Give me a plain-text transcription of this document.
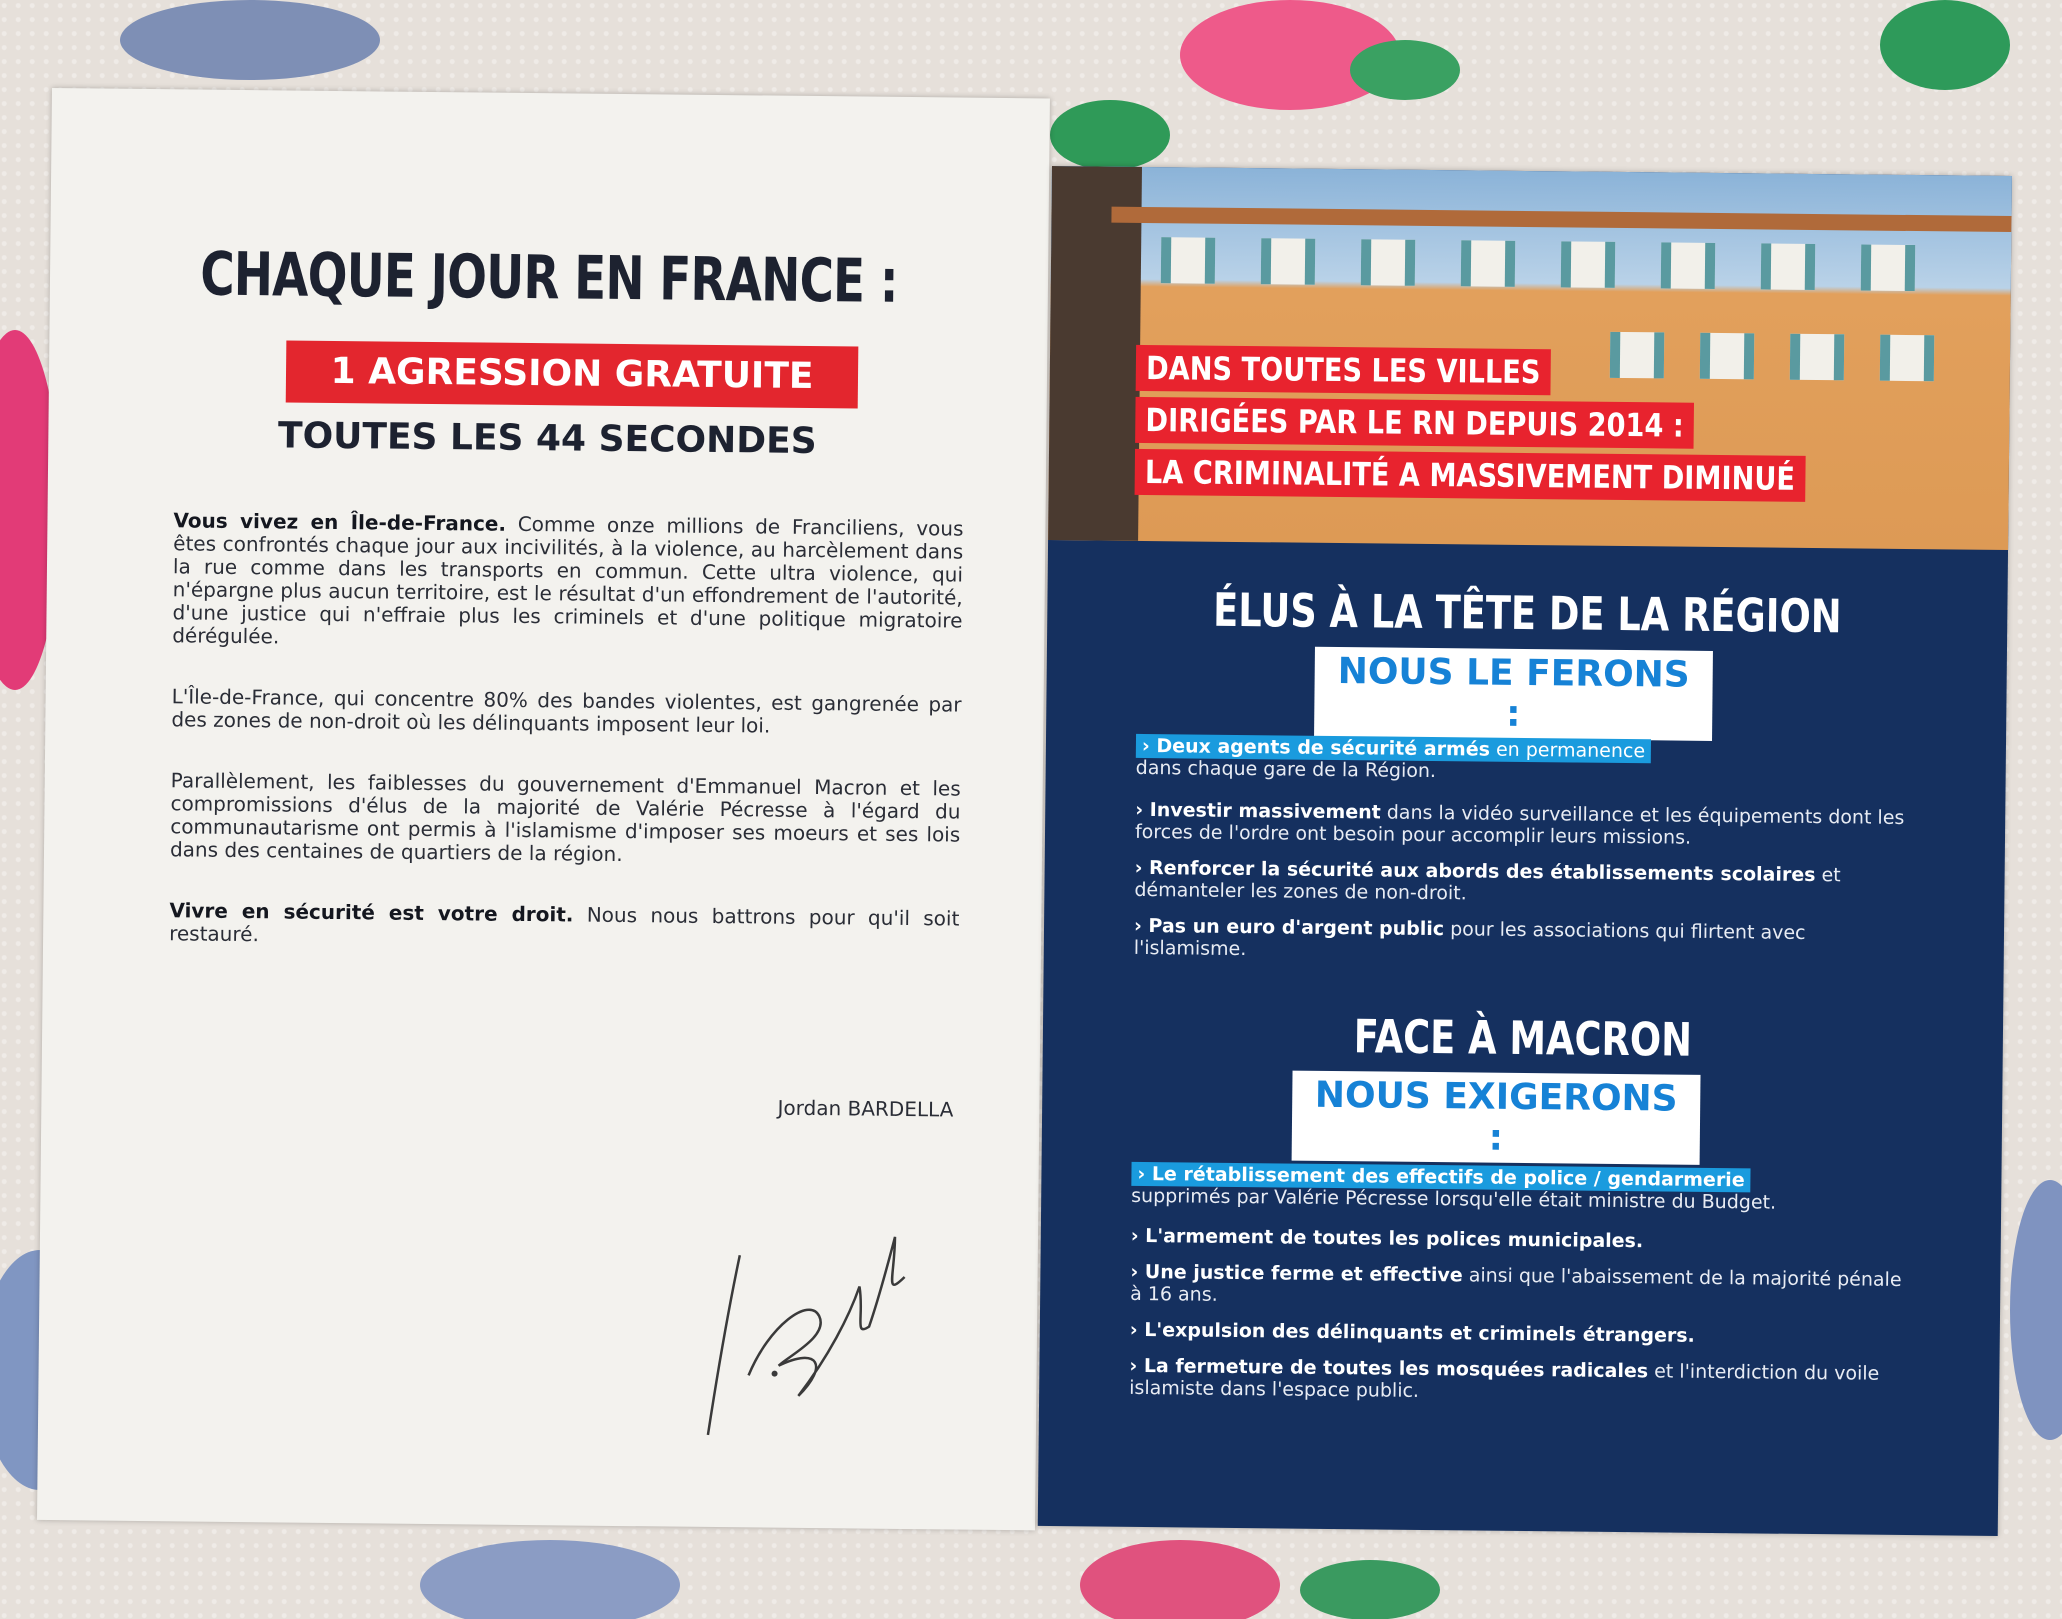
CHAQUE JOUR EN FRANCE :
1 AGRESSION GRATUITE
TOUTES LES 44 SECONDES

Vous vivez en Île-de-France. Comme onze millions de Franciliens, vous êtes confrontés chaque jour aux incivilités, à la violence, au harcèlement dans la rue comme dans les transports en commun. Cette ultra violence, qui n'épargne plus aucun territoire, est le résultat d'un effondrement de l'autorité, d'une justice qui n'effraie plus les criminels et d'une politique migratoire dérégulée.

L'Île-de-France, qui concentre 80% des bandes violentes, est gangrenée par des zones de non-droit où les délinquants imposent leur loi.

Parallèlement, les faiblesses du gouvernement d'Emmanuel Macron et les compromissions d'élus de la majorité de Valérie Pécresse à l'égard du communautarisme ont permis à l'islamisme d'imposer ses moeurs et ses lois dans des centaines de quartiers de la région.

Vivre en sécurité est votre droit. Nous nous battrons pour qu'il soit restauré.

Jordan BARDELLA
DANS TOUTES LES VILLES
DIRIGÉES PAR LE RN DEPUIS 2014 :
LA CRIMINALITÉ A MASSIVEMENT DIMINUÉ
ÉLUS À LA TÊTE DE LA RÉGION
NOUS LE FERONS :
› Deux agents de sécurité armés en permanence
dans chaque gare de la Région.
› Investir massivement dans la vidéo surveillance et les équipements dont les forces de l'ordre ont besoin pour accomplir leurs missions.
› Renforcer la sécurité aux abords des établissements scolaires et démanteler les zones de non-droit.
› Pas un euro d'argent public pour les associations qui flirtent avec l'islamisme.
FACE À MACRON
NOUS EXIGERONS :
› Le rétablissement des effectifs de police / gendarmerie
supprimés par Valérie Pécresse lorsqu'elle était ministre du Budget.
› L'armement de toutes les polices municipales.
› Une justice ferme et effective ainsi que l'abaissement de la majorité pénale à 16 ans.
› L'expulsion des délinquants et criminels étrangers.
› La fermeture de toutes les mosquées radicales et l'interdiction du voile islamiste dans l'espace public.
